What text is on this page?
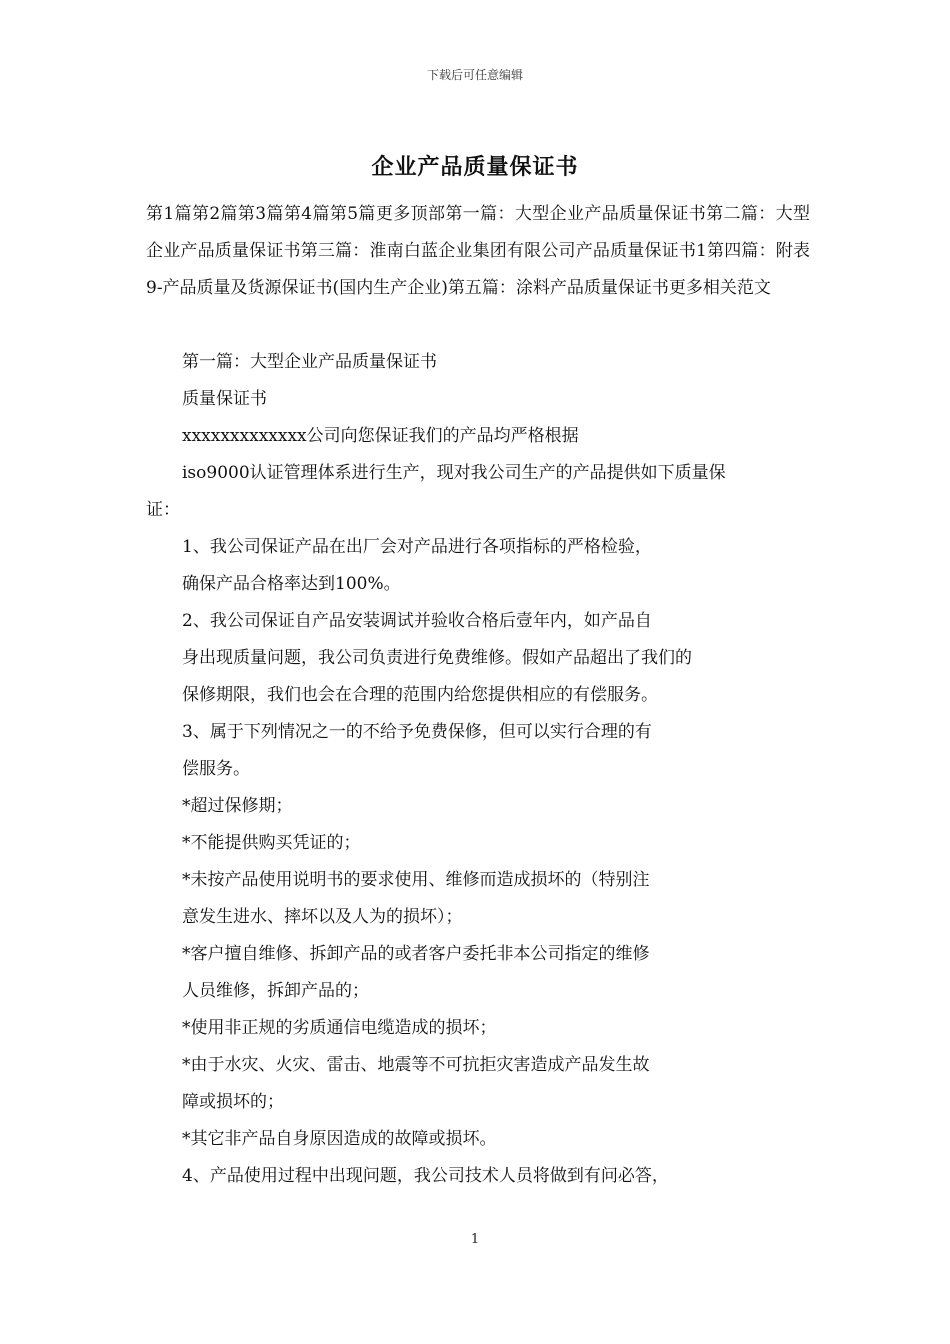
下载后可任意编辑
企业产品质量保证书
第1篇第2篇第3篇第4篇第5篇更多顶部第一篇：大型企业产品质量保证书第二篇：大型企业产品质量保证书第三篇：淮南白蓝企业集团有限公司产品质量保证书1第四篇：附表9-产品质量及货源保证书(国内生产企业)第五篇：涂料产品质量保证书更多相关范文
第一篇：大型企业产品质量保证书
质量保证书
xxxxxxxxxxxxx公司向您保证我们的产品均严格根据
iso9000认证管理体系进行生产，现对我公司生产的产品提供如下质量保
证：
1、我公司保证产品在出厂会对产品进行各项指标的严格检验，
确保产品合格率达到100%。
2、我公司保证自产品安装调试并验收合格后壹年内，如产品自
身出现质量问题，我公司负责进行免费维修。假如产品超出了我们的
保修期限，我们也会在合理的范围内给您提供相应的有偿服务。
3、属于下列情况之一的不给予免费保修，但可以实行合理的有
偿服务。
*超过保修期；
*不能提供购买凭证的；
*未按产品使用说明书的要求使用、维修而造成损坏的（特别注
意发生进水、摔坏以及人为的损坏）；
*客户擅自维修、拆卸产品的或者客户委托非本公司指定的维修
人员维修，拆卸产品的；
*使用非正规的劣质通信电缆造成的损坏；
*由于水灾、火灾、雷击、地震等不可抗拒灾害造成产品发生故
障或损坏的；
*其它非产品自身原因造成的故障或损坏。
4、产品使用过程中出现问题，我公司技术人员将做到有问必答，
1
